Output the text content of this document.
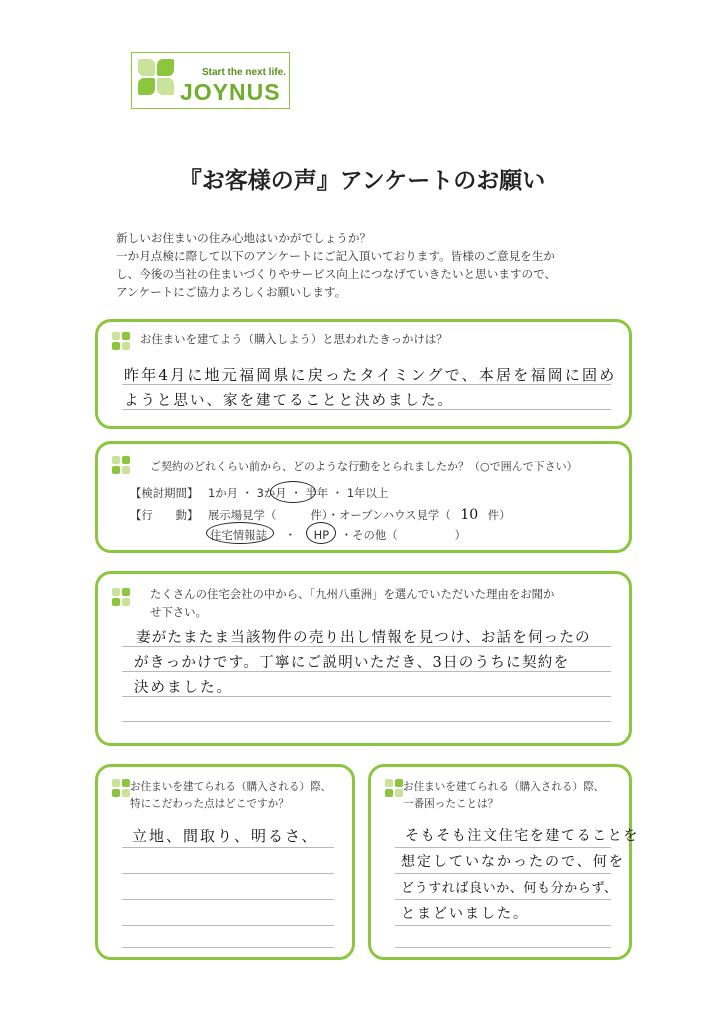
Start the next life.
JOYNUS
『お客様の声』アンケートのお願い

新しいお住まいの住み心地はいかがでしょうか？

一か月点検に際して以下のアンケートにご記入頂いております。皆様のご意見を生か

し、今後の当社の住まいづくりやサービス向上につなげていきたいと思いますので、

アンケートにご協力よろしくお願いします。

お住まいを建てよう（購入しよう）と思われたきっかけは？
昨年4月に地元福岡県に戻ったタイミングで、本居を福岡に固め
ようと思い、家を建てることと決めました。
ご契約のどれくらい前から、どのような行動をとられましたか？（○で囲んで下さい）
【検討期間】 1か月 ・ 3か月 ・ 半年 ・ 1年以上
【行　　動】 展示場見学（　　　件）・オープンハウス見学（ 10 件）
住宅情報誌 ・ HP ・その他（　　　　　）
たくさんの住宅会社の中から、「九州八重洲」を選んでいただいた理由をお聞か
せ下さい。
妻がたまたま当該物件の売り出し情報を見つけ、お話を伺ったの
がきっかけです。丁寧にご説明いただき、3日のうちに契約を
決めました。
お住まいを建てられる（購入される）際、
特にこだわった点はどこですか？
立地、間取り、明るさ、
お住まいを建てられる（購入される）際、
一番困ったことは？
そもそも注文住宅を建てることを
想定していなかったので、何を
どうすれば良いか、何も分からず、
とまどいました。
